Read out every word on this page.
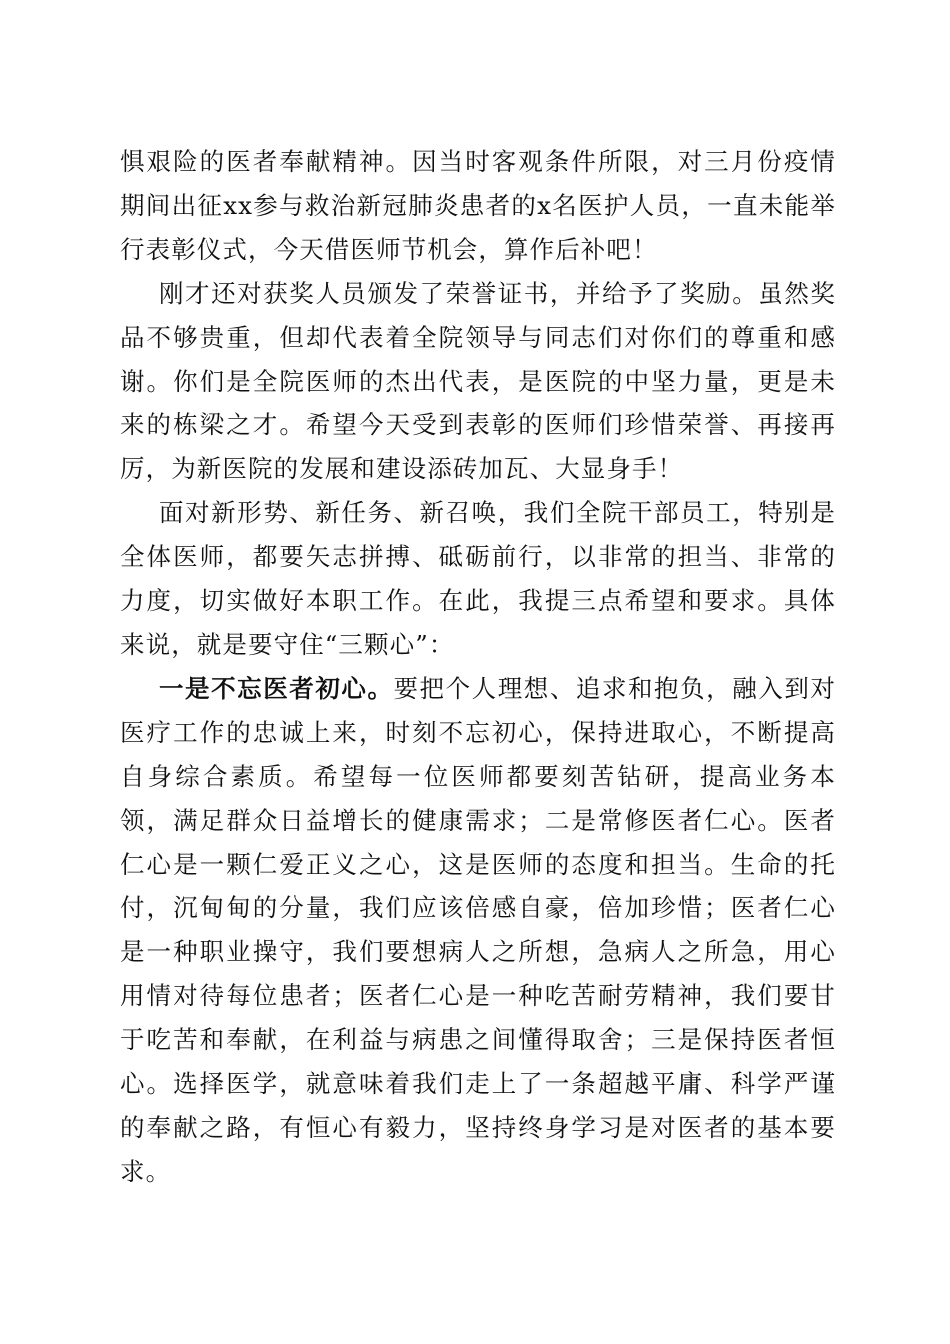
惧艰险的医者奉献精神。因当时客观条件所限，对三月份疫情期间出征xx参与救治新冠肺炎患者的x名医护人员，一直未能举行表彰仪式，今天借医师节机会，算作后补吧！

刚才还对获奖人员颁发了荣誉证书，并给予了奖励。虽然奖品不够贵重，但却代表着全院领导与同志们对你们的尊重和感谢。你们是全院医师的杰出代表，是医院的中坚力量，更是未来的栋梁之才。希望今天受到表彰的医师们珍惜荣誉、再接再厉，为新医院的发展和建设添砖加瓦、大显身手！

面对新形势、新任务、新召唤，我们全院干部员工，特别是全体医师，都要矢志拼搏、砥砺前行，以非常的担当、非常的力度，切实做好本职工作。在此，我提三点希望和要求。具体来说，就是要守住“三颗心”：

一是不忘医者初心。要把个人理想、追求和抱负，融入到对医疗工作的忠诚上来，时刻不忘初心，保持进取心，不断提高自身综合素质。希望每一位医师都要刻苦钻研，提高业务本领，满足群众日益增长的健康需求；二是常修医者仁心。医者仁心是一颗仁爱正义之心，这是医师的态度和担当。生命的托付，沉甸甸的分量，我们应该倍感自豪，倍加珍惜；医者仁心是一种职业操守，我们要想病人之所想，急病人之所急，用心用情对待每位患者；医者仁心是一种吃苦耐劳精神，我们要甘于吃苦和奉献，在利益与病患之间懂得取舍；三是保持医者恒心。选择医学，就意味着我们走上了一条超越平庸、科学严谨的奉献之路，有恒心有毅力，坚持终身学习是对医者的基本要求。
